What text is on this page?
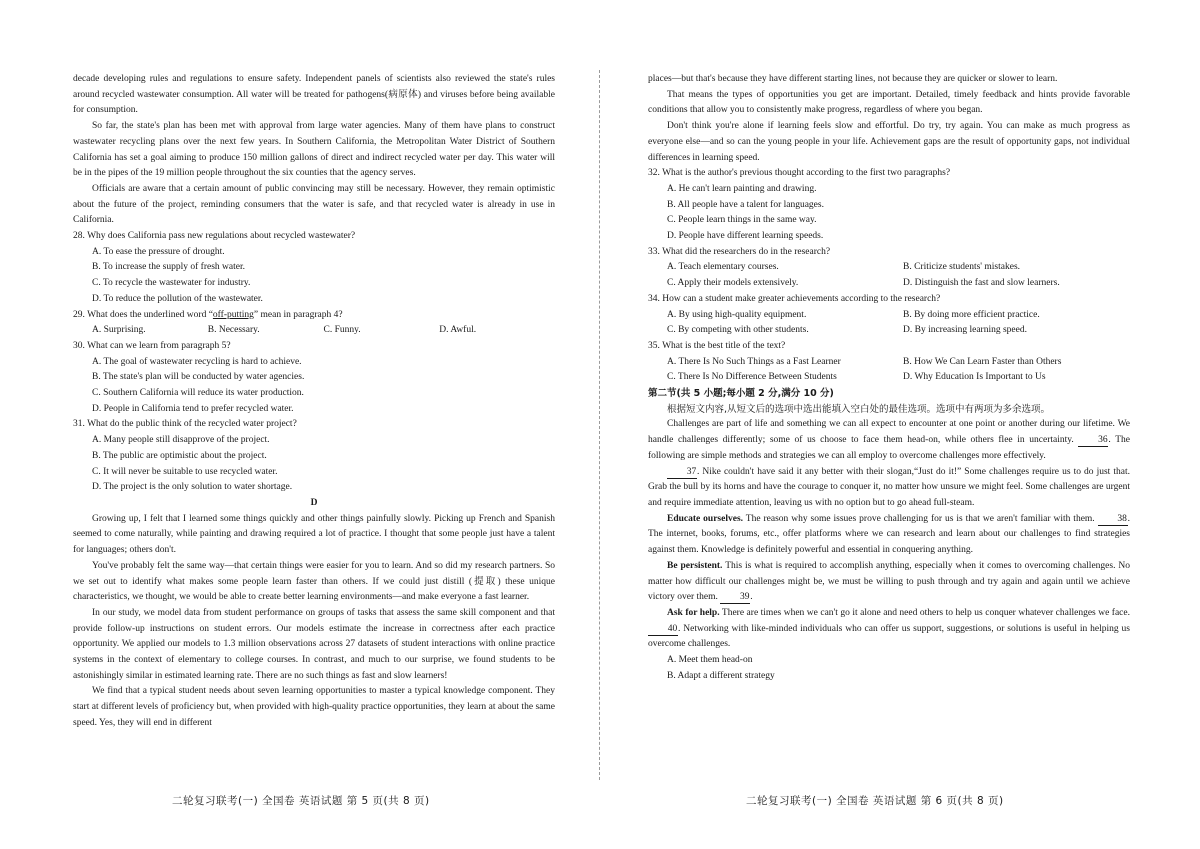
decade developing rules and regulations to ensure safety. Independent panels of scientists also reviewed the state's rules around recycled wastewater consumption. All water will be treated for pathogens(病原体) and viruses before being available for consumption.

So far, the state's plan has been met with approval from large water agencies. Many of them have plans to construct wastewater recycling plans over the next few years. In Southern California, the Metropolitan Water District of Southern California has set a goal aiming to produce 150 million gallons of direct and indirect recycled water per day. This water will be in the pipes of the 19 million people throughout the six counties that the agency serves.

Officials are aware that a certain amount of public convincing may still be necessary. However, they remain optimistic about the future of the project, reminding consumers that the water is safe, and that recycled water is already in use in California.

28. Why does California pass new regulations about recycled wastewater?

A. To ease the pressure of drought.

B. To increase the supply of fresh water.

C. To recycle the wastewater for industry.

D. To reduce the pollution of the wastewater.

29. What does the underlined word “off-putting” mean in paragraph 4?

A. Surprising.	B. Necessary.	C. Funny.	D. Awful.

30. What can we learn from paragraph 5?

A. The goal of wastewater recycling is hard to achieve.

B. The state's plan will be conducted by water agencies.

C. Southern California will reduce its water production.

D. People in California tend to prefer recycled water.

31. What do the public think of the recycled water project?

A. Many people still disapprove of the project.

B. The public are optimistic about the project.

C. It will never be suitable to use recycled water.

D. The project is the only solution to water shortage.

D

Growing up, I felt that I learned some things quickly and other things painfully slowly. Picking up French and Spanish seemed to come naturally, while painting and drawing required a lot of practice. I thought that some people just have a talent for languages; others don't.

You've probably felt the same way—that certain things were easier for you to learn. And so did my research partners. So we set out to identify what makes some people learn faster than others. If we could just distill (提取) these unique characteristics, we thought, we would be able to create better learning environments—and make everyone a fast learner.

In our study, we model data from student performance on groups of tasks that assess the same skill component and that provide follow-up instructions on student errors. Our models estimate the increase in correctness after each practice opportunity. We applied our models to 1.3 million observations across 27 datasets of student interactions with online practice systems in the context of elementary to college courses. In contrast, and much to our surprise, we found students to be astonishingly similar in estimated learning rate. There are no such things as fast and slow learners!

We find that a typical student needs about seven learning opportunities to master a typical knowledge component. They start at different levels of proficiency but, when provided with high-quality practice opportunities, they learn at about the same speed. Yes, they will end in different

places—but that's because they have different starting lines, not because they are quicker or slower to learn.

That means the types of opportunities you get are important. Detailed, timely feedback and hints provide favorable conditions that allow you to consistently make progress, regardless of where you began.

Don't think you're alone if learning feels slow and effortful. Do try, try again. You can make as much progress as everyone else—and so can the young people in your life. Achievement gaps are the result of opportunity gaps, not individual differences in learning speed.

32. What is the author's previous thought according to the first two paragraphs?

A. He can't learn painting and drawing.

B. All people have a talent for languages.

C. People learn things in the same way.

D. People have different learning speeds.

33. What did the researchers do in the research?

A. Teach elementary courses.	B. Criticize students' mistakes.
C. Apply their models extensively.	D. Distinguish the fast and slow learners.

34. How can a student make greater achievements according to the research?

A. By using high-quality equipment.	B. By doing more efficient practice.
C. By competing with other students.	D. By increasing learning speed.

35. What is the best title of the text?

A. There Is No Such Things as a Fast Learner	B. How We Can Learn Faster than Others
C. There Is No Difference Between Students	D. Why Education Is Important to Us

第二节(共 5 小题;每小题 2 分,满分 10 分)

根据短文内容,从短文后的选项中选出能填入空白处的最佳选项。选项中有两项为多余选项。

Challenges are part of life and something we can all expect to encounter at one point or another during our lifetime. We handle challenges differently; some of us choose to face them head-on, while others flee in uncertainty.	36. The following are simple methods and strategies we can all employ to overcome challenges more effectively.

37. Nike couldn't have said it any better with their slogan,“Just do it!” Some challenges require us to do just that. Grab the bull by its horns and have the courage to conquer it, no matter how unsure we might feel. Some challenges are urgent and require immediate attention, leaving us with no option but to go ahead full-steam.

Educate ourselves. The reason why some issues prove challenging for us is that we aren't familiar with them. 38. The internet, books, forums, etc., offer platforms where we can research and learn about our challenges to find strategies against them. Knowledge is definitely powerful and essential in conquering anything.

Be persistent. This is what is required to accomplish anything, especially when it comes to overcoming challenges. No matter how difficult our challenges might be, we must be willing to push through and try again and again until we achieve victory over them. 39.

Ask for help. There are times when we can't go it alone and need others to help us conquer whatever challenges we face. 40. Networking with like-minded individuals who can offer us support, suggestions, or solutions is useful in helping us overcome challenges.

A. Meet them head-on

B. Adapt a different strategy

二轮复习联考(一) 全国卷 英语试题 第 5 页(共 8 页)	二轮复习联考(一) 全国卷 英语试题 第 6 页(共 8 页)
